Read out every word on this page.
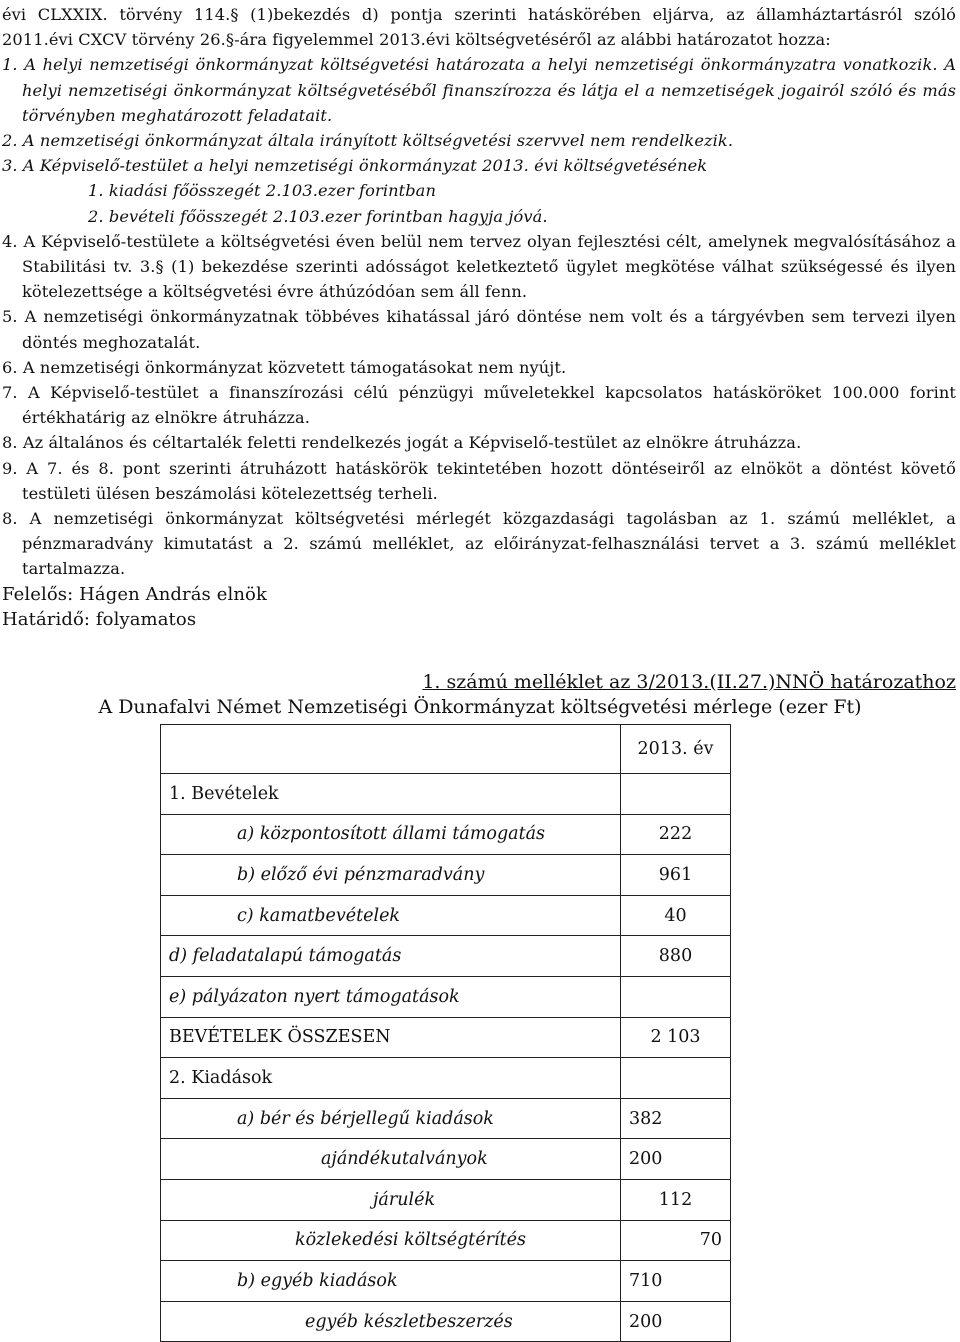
évi CLXXIX. törvény 114.§ (1)bekezdés d) pontja szerinti hatáskörében eljárva, az államháztartásról szóló 2011.évi CXCV törvény 26.§-ára figyelemmel 2013.évi költségvetéséről az alábbi határozatot hozza:

1. A helyi nemzetiségi önkormányzat költségvetési határozata a helyi nemzetiségi önkormányzatra vonatkozik. A helyi nemzetiségi önkormányzat költségvetéséből finanszírozza és látja el a nemzetiségek jogairól szóló és más törvényben meghatározott feladatait.

2. A nemzetiségi önkormányzat általa irányított költségvetési szervvel nem rendelkezik.

3. A Képviselő-testület a helyi nemzetiségi önkormányzat 2013. évi költségvetésének

1. kiadási főösszegét 2.103.ezer forintban

2. bevételi főösszegét 2.103.ezer forintban hagyja jóvá.

4. A Képviselő-testülete a költségvetési éven belül nem tervez olyan fejlesztési célt, amelynek megvalósításához a Stabilitási tv. 3.§ (1) bekezdése szerinti adósságot keletkeztető ügylet megkötése válhat szükségessé és ilyen kötelezettsége a költségvetési évre áthúzódóan sem áll fenn.

5. A nemzetiségi önkormányzatnak többéves kihatással járó döntése nem volt és a tárgyévben sem tervezi ilyen döntés meghozatalát.

6. A nemzetiségi önkormányzat közvetett támogatásokat nem nyújt.

7. A Képviselő-testület a finanszírozási célú pénzügyi műveletekkel kapcsolatos hatásköröket 100.000 forint értékhatárig az elnökre átruházza.

8. Az általános és céltartalék feletti rendelkezés jogát a Képviselő-testület az elnökre átruházza.

9. A 7. és 8. pont szerinti átruházott hatáskörök tekintetében hozott döntéseiről az elnököt a döntést követő testületi ülésen beszámolási kötelezettség terheli.

8. A nemzetiségi önkormányzat költségvetési mérlegét közgazdasági tagolásban az 1. számú melléklet, a pénzmaradvány kimutatást a 2. számú melléklet, az előirányzat-felhasználási tervet a 3. számú melléklet tartalmazza.

Felelős: Hágen András elnök

Határidő: folyamatos

1. számú melléklet az 3/2013.(II.27.)NNÖ határozathoz
A Dunafalvi Német Nemzetiségi Önkormányzat költségvetési mérlege (ezer Ft)
	2013. év
1. Bevételek	
a) központosított állami támogatás	222
b) előző évi pénzmaradvány	961
c) kamatbevételek	40
d) feladatalapú támogatás	880
e) pályázaton nyert támogatások	
BEVÉTELEK ÖSSZESEN	2 103
2. Kiadások	
a) bér és bérjellegű kiadások	382
ajándékutalványok	200
járulék	112
közlekedési költségtérítés	70
b) egyéb kiadások	710
egyéb készletbeszerzés	200
